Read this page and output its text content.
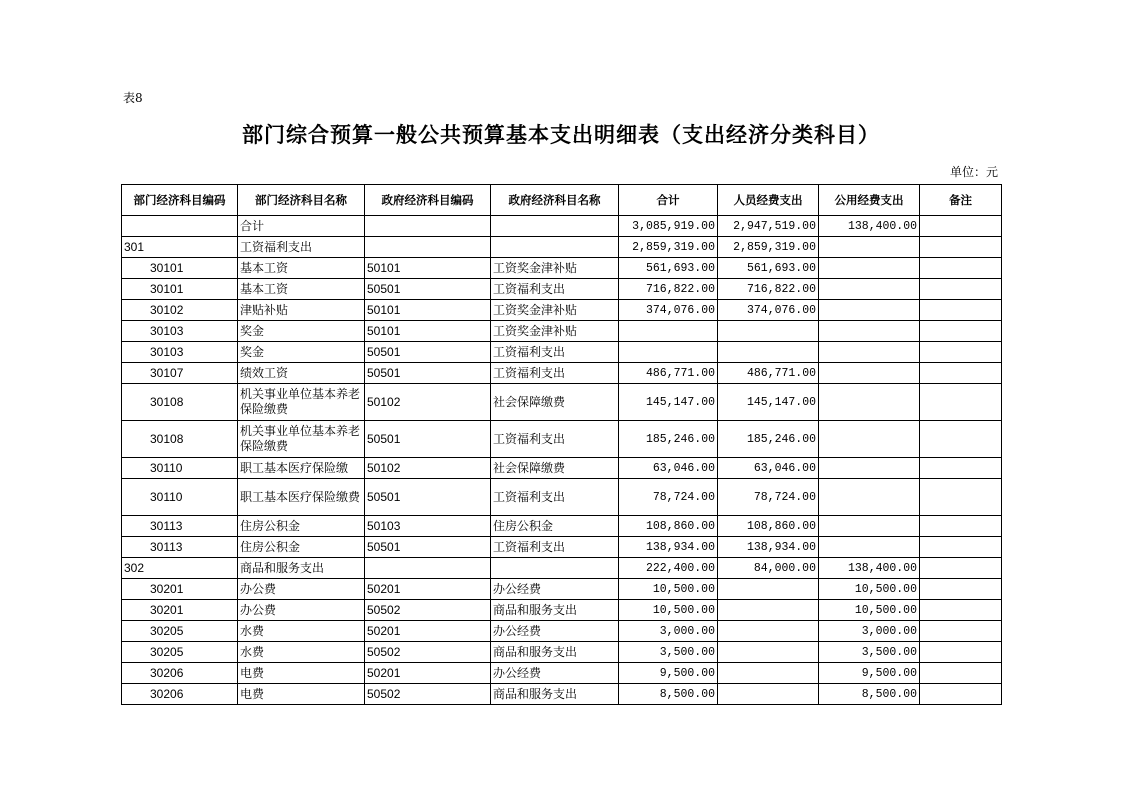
表8
部门综合预算一般公共预算基本支出明细表（支出经济分类科目）
单位：元
部门经济科目编码	部门经济科目名称	政府经济科目编码	政府经济科目名称	合计	人员经费支出	公用经费支出	备注
	合计			3,085,919.00	2,947,519.00	138,400.00	
301	工资福利支出			2,859,319.00	2,859,319.00		
30101	基本工资	50101	工资奖金津补贴	561,693.00	561,693.00		
30101	基本工资	50501	工资福利支出	716,822.00	716,822.00		
30102	津贴补贴	50101	工资奖金津补贴	374,076.00	374,076.00		
30103	奖金	50101	工资奖金津补贴				
30103	奖金	50501	工资福利支出				
30107	绩效工资	50501	工资福利支出	486,771.00	486,771.00		
30108	机关事业单位基本养老保险缴费	50102	社会保障缴费	145,147.00	145,147.00		
30108	机关事业单位基本养老保险缴费	50501	工资福利支出	185,246.00	185,246.00		
30110	职工基本医疗保险缴	50102	社会保障缴费	63,046.00	63,046.00		
30110	职工基本医疗保险缴费	50501	工资福利支出	78,724.00	78,724.00		
30113	住房公积金	50103	住房公积金	108,860.00	108,860.00		
30113	住房公积金	50501	工资福利支出	138,934.00	138,934.00		
302	商品和服务支出			222,400.00	84,000.00	138,400.00	
30201	办公费	50201	办公经费	10,500.00		10,500.00	
30201	办公费	50502	商品和服务支出	10,500.00		10,500.00	
30205	水费	50201	办公经费	3,000.00		3,000.00	
30205	水费	50502	商品和服务支出	3,500.00		3,500.00	
30206	电费	50201	办公经费	9,500.00		9,500.00	
30206	电费	50502	商品和服务支出	8,500.00		8,500.00	
